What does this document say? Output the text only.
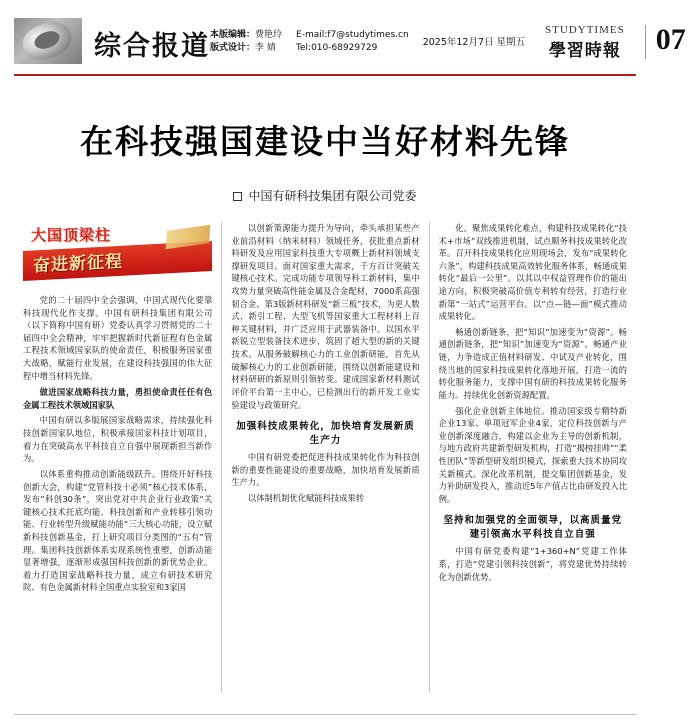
综合报道 本版编辑：费艳玲
版式设计：李 婧
E-mail:f7@studytimes.cn
Tel:010-68929729	2025年12月7日 星期五
STUDYTIMES
學習時報	07
在科技强国建设中当好材料先锋
中国有研科技集团有限公司党委
大国顶梁柱
奋进新征程

党的二十届四中全会强调，中国式现代化要靠科技现代化作支撑。中国有研科技集团有限公司（以下简称中国有研）党委认真学习贯彻党的二十届四中全会精神，牢牢把握新时代新征程有色金属工程技术领域国家队的使命责任，积极服务国家重大战略，赋能行业发展，在建设科技强国的伟大征程中增当材料先锋。

做进国家战略科技力量，勇担使命责任任有色金属工程技术领域国家队

中国有研以多版展国家战略需求，持续强化科技创新国家队地位，积极承接国家科技计划项目，着力在突破高水平科技自立自强中展现新担当新作为。

以体系重构推动创新能级跃升。围绕开好科技创新大会，构建“党管科技十必须”核心技术体系，发布“科创30条”，突出党对中共企业行业政策“关键核心技术托底均能、科技创新和产业转移引领功能、行业转型升级赋能功能”三大核心功能，设立赋新科技创新基金，打上研究项目分类图的“五有”管理。集团科技创新体系实现系统性重塑，创新动能显著增强，逐渐形成强国科技创新的新优势企业。着力打造国家战略科技力量，成立有研技术研究院、有色金属新材料全国重点实验室和3家国

以创新策源能力提升为导向，牵头承担某些产业前沿材料（纳米材料）领域任务，获批重点新材料研发及应用国家科技重大专项概上新材料领域支撑研发项目。面对国家重大需求，千方百计突破关键核心技术。完成功能专项领导科工新材料，集中攻势力量突破高性能金属及合金配材，7000系高强韧合金、第3版新材料研发“新三板”技术，为更人数式、新引工程、大型飞机等国家重大工程材料上百种关键材料，并广泛应用于武器装备中。以国水平新锐立型装备技术进步，筑固了超大型的新的关键技术。从服务破解核心力的工业创新研能，首先从破解核心力的工业创新研能，围绕以创新能建设和材料研研的新原则引领转变。建成国家新材料测试评价平台第一主中心，已检测出行的新开发工业实验建设与政策研究。

加强科技成果转化，加快培育发展新质生产力

中国有研党委把促进科技成果转化作为科技创新的重要性能建设的重要战略，加快培育发展新质生产力。

以体制机制优化赋能科技成果转

化。聚焦成果转化难点，构建科技成果转化“技术+市场”双线推进机制，试点顺务科技成果转化改革。召开科技成果转化应用现场会，发布“成果转化六条”，构建科技成果高效转化服务体系，畅通成果转化“最后一公里”。以其以中权益管理作价的能出途方向，积极突破高价值专利转有经营，打造行业新第“一站式”运营平台。以“点—链—面”模式推动成果转化。

畅通创新链条，把“知识”加速变为“资源”。畅通创新链条，把“知识”加速变为“资源”。畅通产业链，力争造成正值材料研发、中试及产业转化，围绕当地的国家科技成果转化落地开展，打造一流的转化服务能力，支撑中国有研的科技成果转化服务能力。持续优化创新资源配置。

强化企业创新主体地位。推动国家级专精特新企业13家、单项冠军企业4家，定位科技创新与产业创新深度融合，构建以企业为主导的创新机制，与地方政府共建新型研发机构，打造“揭榜挂帅”“柔性团队”等新型研发组织模式，探索重大技术协同攻关新模式。深化改革机制，提交集团创新基金，发力补助研发投入，推动近5年产值占比由研发投入比例。

坚持和加强党的全面领导，以高质量党建引领高水平科技自立自强

中国有研党委构建“1+360+N”党建工作体系，打造“党建引领科技创新”，将党建优势持续转化为创新优势。
